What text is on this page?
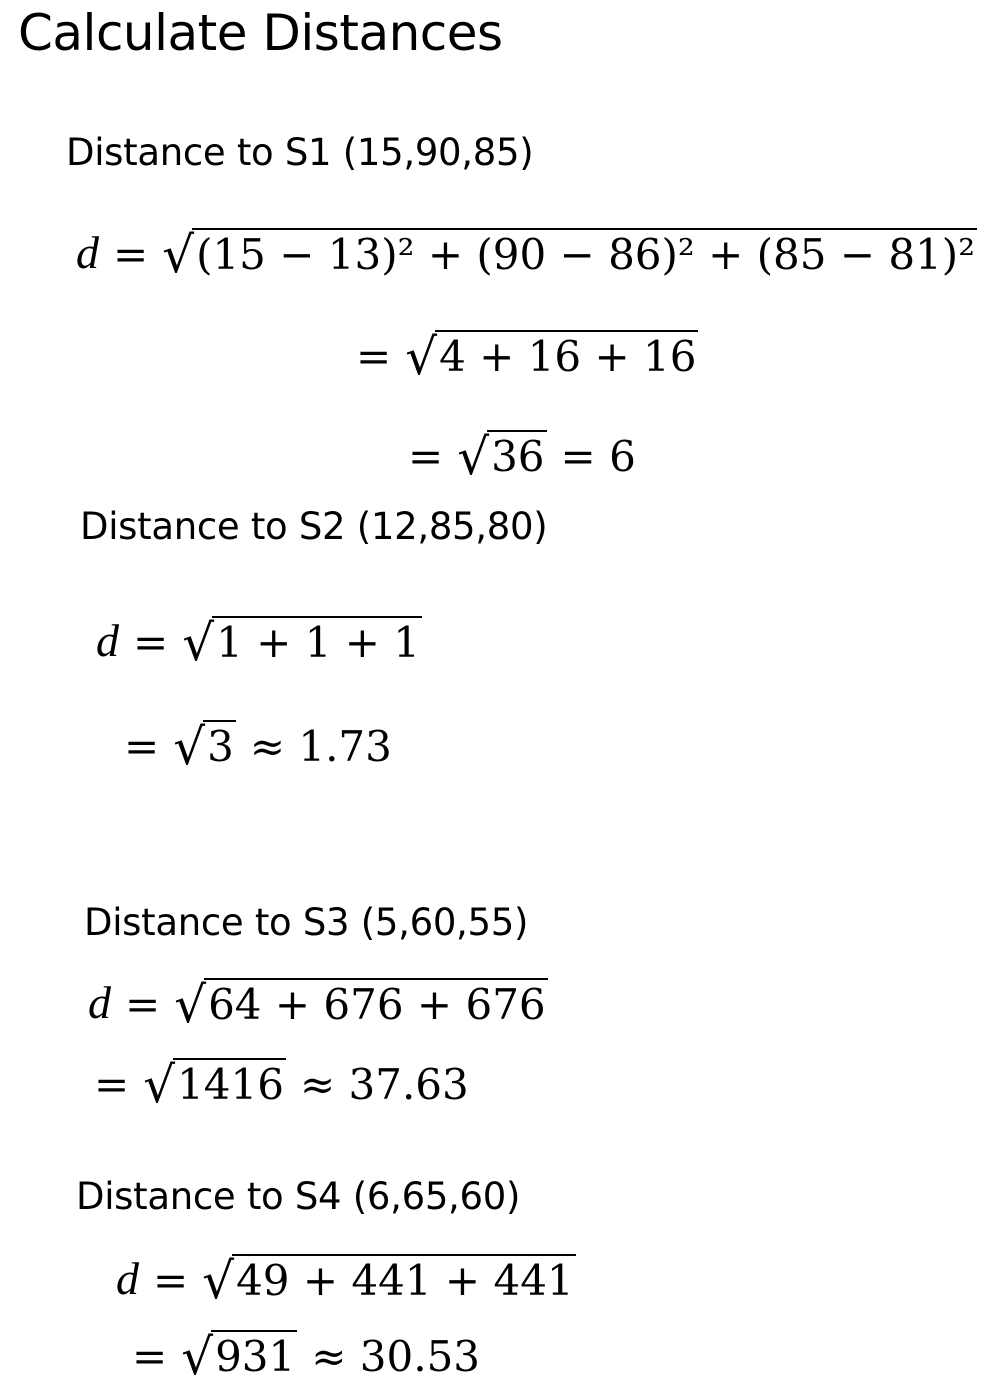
Calculate Distances
Distance to S1 (15,90,85)
d = √ (15 − 13)² + (90 − 86)² + (85 − 81)²
= √ 4 + 16 + 16
= √ 36 = 6
Distance to S2 (12,85,80)
d = √ 1 + 1 + 1
= √ 3 ≈ 1.73
Distance to S3 (5,60,55)
d = √ 64 + 676 + 676
= √ 1416 ≈ 37.63
Distance to S4 (6,65,60)
d = √ 49 + 441 + 441
= √ 931 ≈ 30.53
